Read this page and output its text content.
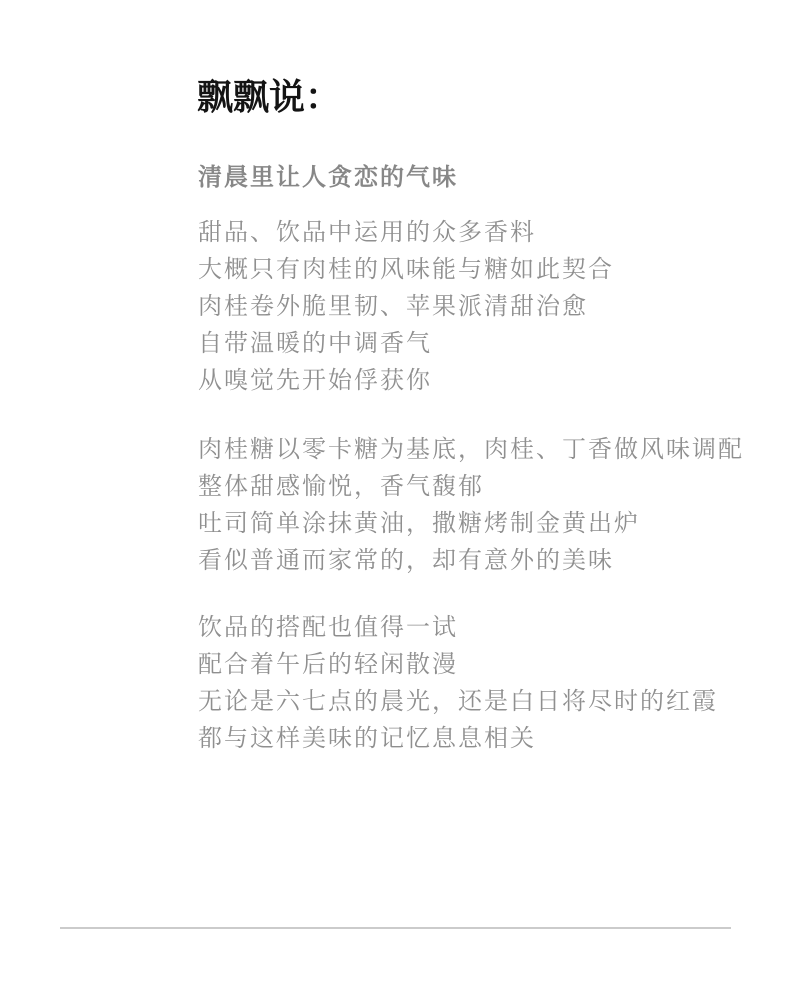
飘飘说：
清晨里让人贪恋的气味
甜品、饮品中运用的众多香料
大概只有肉桂的风味能与糖如此契合
肉桂卷外脆里韧、苹果派清甜治愈
自带温暖的中调香气
从嗅觉先开始俘获你
肉桂糖以零卡糖为基底，肉桂、丁香做风味调配
整体甜感愉悦，香气馥郁
吐司简单涂抹黄油，撒糖烤制金黄出炉
看似普通而家常的，却有意外的美味
饮品的搭配也值得一试
配合着午后的轻闲散漫
无论是六七点的晨光，还是白日将尽时的红霞
都与这样美味的记忆息息相关
